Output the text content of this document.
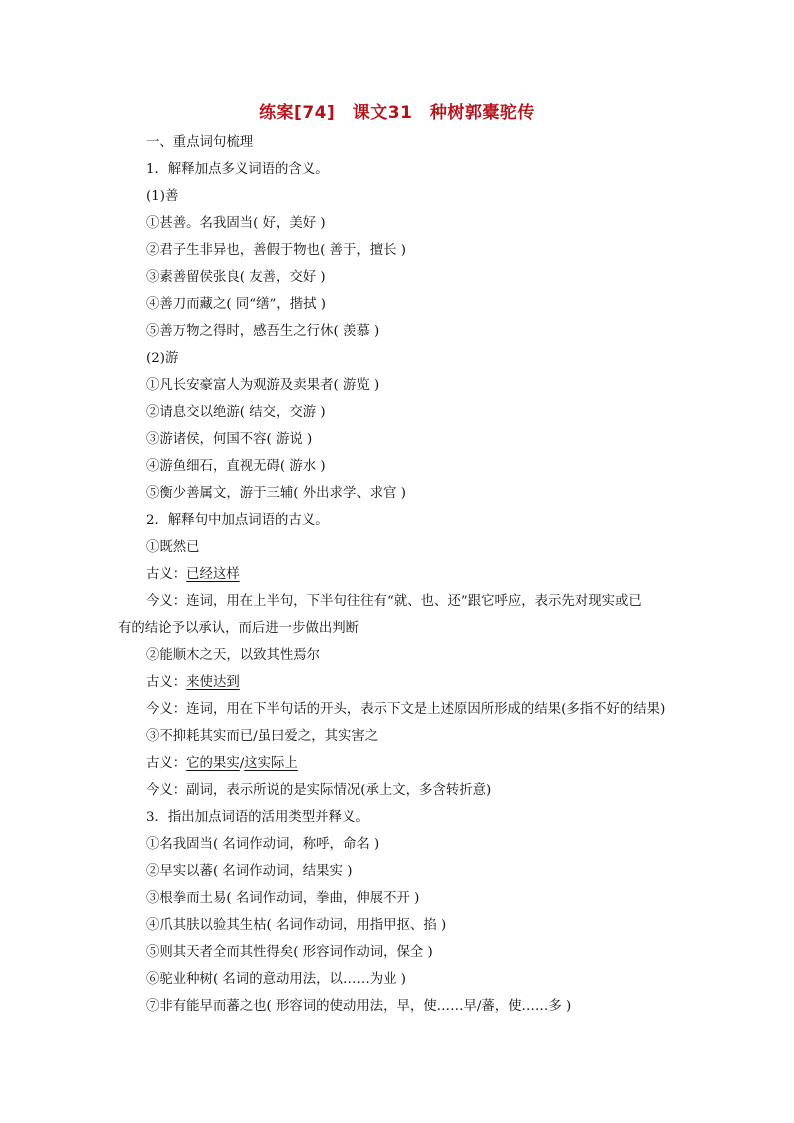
练案[74]　课文31　种树郭橐驼传
一、重点词句梳理
1．解释加点多义词语的含义。
(1)善
①甚善。名我固当( 好，美好 )
②君子生非异也，善假于物也( 善于，擅长 )
③素善留侯张良( 友善，交好 )
④善刀而藏之( 同“缮”，揩拭 )
⑤善万物之得时，感吾生之行休( 羡慕 )
(2)游
①凡长安豪富人为观游及卖果者( 游览 )
②请息交以绝游( 结交，交游 )
③游诸侯，何国不容( 游说 )
④游鱼细石，直视无碍( 游水 )
⑤衡少善属文，游于三辅( 外出求学、求官 )
2．解释句中加点词语的古义。
①既然已
古义：已经这样
今义：连词，用在上半句，下半句往往有“就、也、还”跟它呼应，表示先对现实或已
有的结论予以承认，而后进一步做出判断
②能顺木之天，以致其性焉尔
古义：来使达到
今义：连词，用在下半句话的开头，表示下文是上述原因所形成的结果(多指不好的结果)
③不抑耗其实而已/虽曰爱之，其实害之
古义：它的果实/这实际上
今义：副词，表示所说的是实际情况(承上文，多含转折意)
3．指出加点词语的活用类型并释义。
①名我固当( 名词作动词，称呼，命名 )
②早实以蕃( 名词作动词，结果实 )
③根拳而土易( 名词作动词，拳曲，伸展不开 )
④爪其肤以验其生枯( 名词作动词，用指甲抠、掐 )
⑤则其天者全而其性得矣( 形容词作动词，保全 )
⑥驼业种树( 名词的意动用法，以……为业 )
⑦非有能早而蕃之也( 形容词的使动用法，早，使……早/蕃，使……多 )
